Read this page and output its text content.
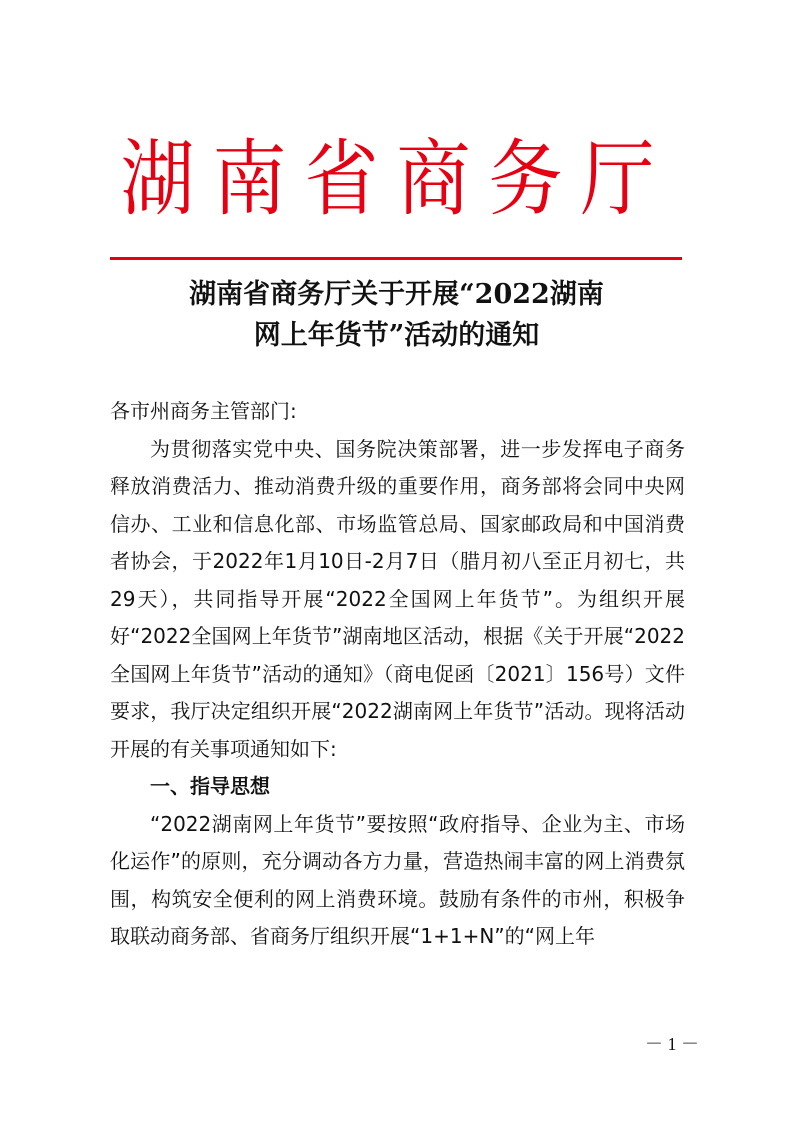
湖南省商务厅
湖南省商务厅关于开展“2022湖南
网上年货节”活动的通知

各市州商务主管部门:

为贯彻落实党中央、国务院决策部署，进一步发挥电子商务释放消费活力、推动消费升级的重要作用，商务部将会同中央网信办、工业和信息化部、市场监管总局、国家邮政局和中国消费者协会，于2022年1月10日-2月7日（腊月初八至正月初七，共29天），共同指导开展“2022全国网上年货节”。为组织开展好“2022全国网上年货节”湖南地区活动，根据《关于开展“2022全国网上年货节”活动的通知》（商电促函〔2021〕156号）文件要求，我厅决定组织开展“2022湖南网上年货节”活动。现将活动开展的有关事项通知如下:

一、指导思想

“2022湖南网上年货节”要按照“政府指导、企业为主、市场化运作”的原则，充分调动各方力量，营造热闹丰富的网上消费氛围，构筑安全便利的网上消费环境。鼓励有条件的市州，积极争取联动商务部、省商务厅组织开展“1+1+N”的“网上年

－ 1 －
